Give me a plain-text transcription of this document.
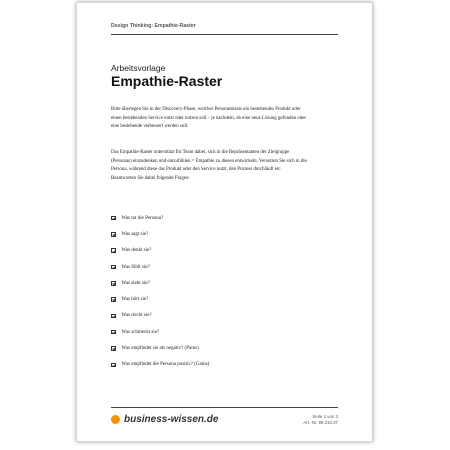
Design Thinking: Empathie-Raster
Arbeitsvorlage
Empathie-Raster

Bitte überlegen Sie in der Discovery-Phase, welcher Personenkreis ein bestehendes Produkt oder einen bestehenden Service nutzt oder nutzen soll – je nachdem, ob eine neue Lösung gefunden oder eine bestehende verbessert werden soll.

Das Empathie-Raster unterstützt Ihr Team dabei, sich in die Repräsentanten der Zielgruppe (Personas) einzudenken und einzufühlen = Empathie zu diesen entwickeln. Versetzen Sie sich in die Persona, während diese das Produkt oder den Service nutzt, den Prozess durchläuft etc. Beantworten Sie dabei folgende Fragen:

Was tut die Persona?
Was sagt sie?
Was denkt sie?
Was fühlt sie?
Was sieht sie?
Was hört sie?
Was riecht sie?
Was schmeckt sie?
Was empfindet sie als negativ? (Pains)
Was empfindet die Persona positiv? (Gains)
business-wissen.de	Seite 1 von 3
Art.-Nr. 99.210.37
